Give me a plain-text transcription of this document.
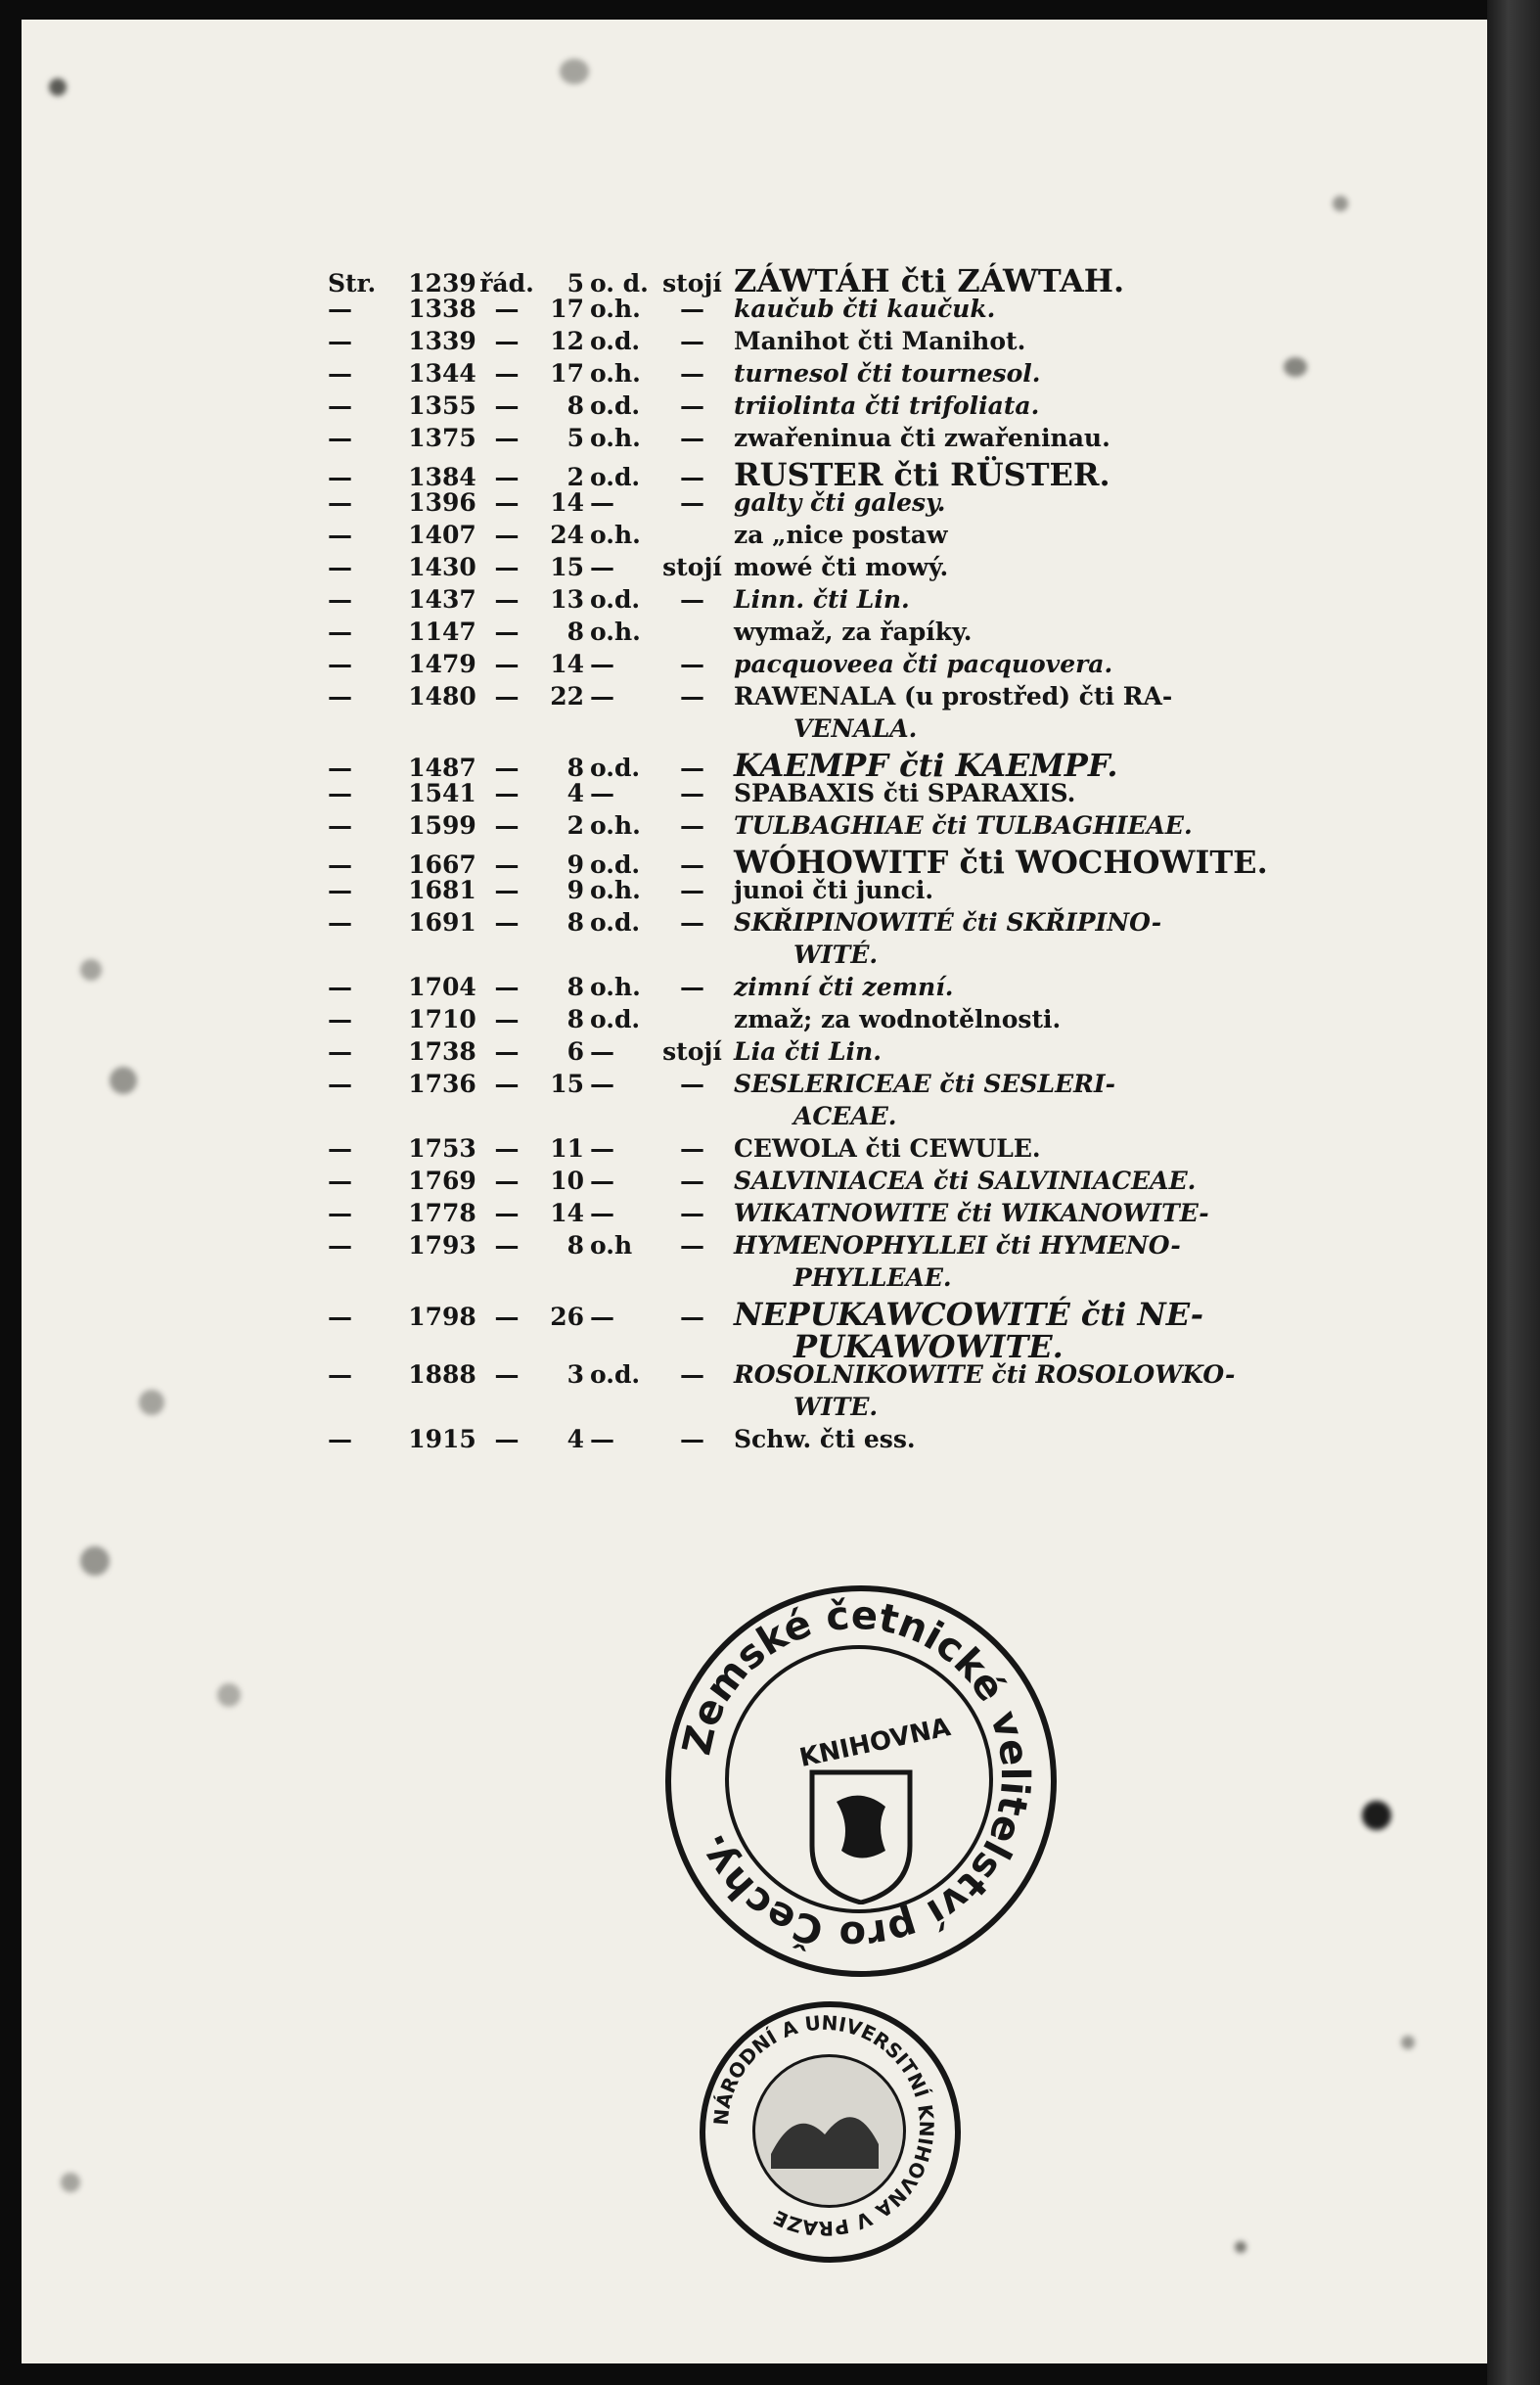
Str.	1239 řád.	5 o. d. stojí ZÁWTÁH čti ZÁWTAH.
—	1338 —	17 o.h.	—	kaučub čti kaučuk.
—	1339 —	12 o.d.	—	Manihot čti Manihot.
—	1344 —	17 o.h.	—	turnesol čti tournesol.
—	1355 —	8 o.d.	—	triiolinta čti trifoliata.
—	1375 —	5 o.h.	—	zwařeninua čti zwařeninau.
—	1384 —	2 o.d.	— RUSTER čti RÜSTER.
—	1396 —	14 —	—	galty čti galesy.
—	1407 —	24 o.h.	za „nice postaw
—	1430 —	15 —	stojí mowé čti mowý.
—	1437 —	13 o.d.	—	Linn. čti Lin.
—	1147 —	8 o.h.	wymaž, za řapíky.
—	1479 —	14 —	—	pacquoveea čti pacquovera.
—	1480 —	22 —	—	RAWENALA (u prostřed) čti RA-
VENALA.
—	1487 —	8 o.d.	— KAEMPF čti KAEMPF.
—	1541 —	4 —	—	SPABAXIS čti SPARAXIS.
—	1599 —	2 o.h.	—	TULBAGHIAE čti TULBAGHIEAE.
—	1667 —	9 o.d.	— WÓHOWITF čti WOCHOWITE.
—	1681 —	9 o.h.	—	junoi čti junci.
—	1691 —	8 o.d.	—	SKŘIPINOWITÉ čti SKŘIPINO-
WITÉ.
—	1704 —	8 o.h.	—	zimní čti zemní.
—	1710 —	8 o.d.	zmaž; za wodnotělnosti.
—	1738 —	6 —	stojí Lia čti Lin.
—	1736 —	15 —	—	SESLERICEAE čti SESLERI-
ACEAE.
—	1753 —	11 —	—	CEWOLA čti CEWULE.
—	1769 —	10 —	—	SALVINIACEA čti SALVINIACEAE.
—	1778 —	14 —	—	WIKATNOWITE čti WIKANOWITE-
—	1793 —	8 o.h	—	HYMENOPHYLLEI čti HYMENO-
PHYLLEAE.
—	1798 —	26 —	— NEPUKAWCOWITÉ čti NE-
PUKAWOWITE.
—	1888 —	3 o.d.	—	ROSOLNIKOWITE čti ROSOLOWKO-
WITE.
—	1915 —	4 —	—	Schw. čti ess.
Zemské četnické velitelství pro Čechy.
KNIHOVNA
NÁRODNÍ A UNIVERSITNÍ KNIHOVNA V PRAZE
